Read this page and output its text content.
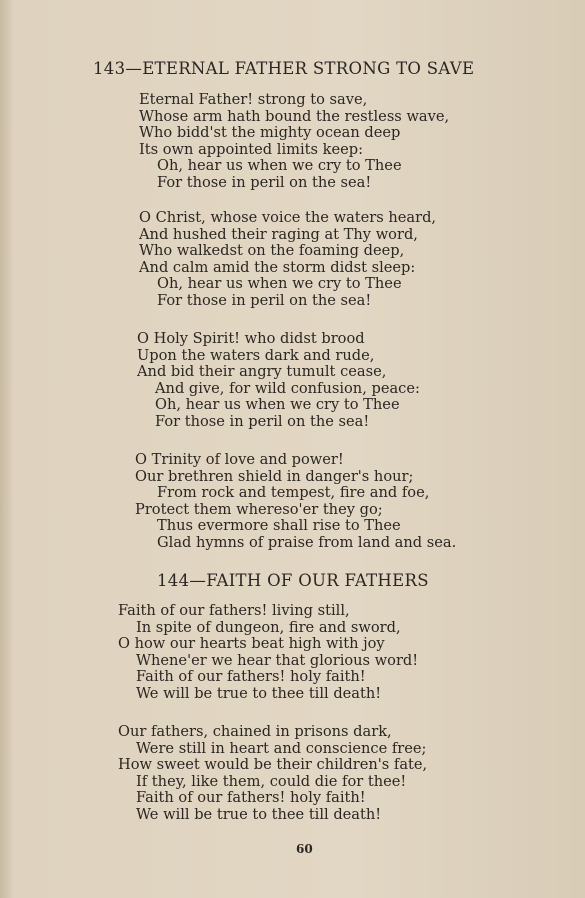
143—ETERNAL FATHER STRONG TO SAVE
Eternal Father! strong to save,
Whose arm hath bound the restless wave,
Who bidd'st the mighty ocean deep
Its own appointed limits keep:
Oh, hear us when we cry to Thee
For those in peril on the sea!
O Christ, whose voice the waters heard,
And hushed their raging at Thy word,
Who walkedst on the foaming deep,
And calm amid the storm didst sleep:
Oh, hear us when we cry to Thee
For those in peril on the sea!
O Holy Spirit! who didst brood
Upon the waters dark and rude,
And bid their angry tumult cease,
And give, for wild confusion, peace:
Oh, hear us when we cry to Thee
For those in peril on the sea!
O Trinity of love and power!
Our brethren shield in danger's hour;
From rock and tempest, fire and foe,
Protect them whereso'er they go;
Thus evermore shall rise to Thee
Glad hymns of praise from land and sea.
144—FAITH OF OUR FATHERS
Faith of our fathers! living still,
In spite of dungeon, fire and sword,
O how our hearts beat high with joy
Whene'er we hear that glorious word!
Faith of our fathers! holy faith!
We will be true to thee till death!
Our fathers, chained in prisons dark,
Were still in heart and conscience free;
How sweet would be their children's fate,
If they, like them, could die for thee!
Faith of our fathers! holy faith!
We will be true to thee till death!
60
